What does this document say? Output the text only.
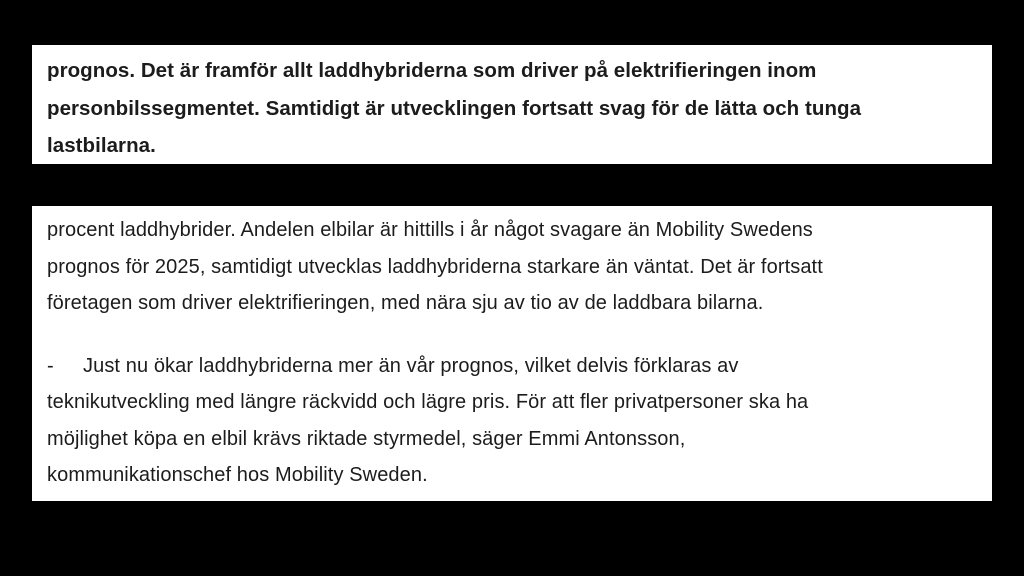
prognos. Det är framför allt laddhybriderna som driver på elektrifieringen inom

personbilssegmentet. Samtidigt är utvecklingen fortsatt svag för de lätta och tunga

lastbilarna.

procent laddhybrider. Andelen elbilar är hittills i år något svagare än Mobility Swedens

prognos för 2025, samtidigt utvecklas laddhybriderna starkare än väntat. Det är fortsatt

företagen som driver elektrifieringen, med nära sju av tio av de laddbara bilarna.

- Just nu ökar laddhybriderna mer än vår prognos, vilket delvis förklaras av

teknikutveckling med längre räckvidd och lägre pris. För att fler privatpersoner ska ha

möjlighet köpa en elbil krävs riktade styrmedel, säger Emmi Antonsson,

kommunikationschef hos Mobility Sweden.
